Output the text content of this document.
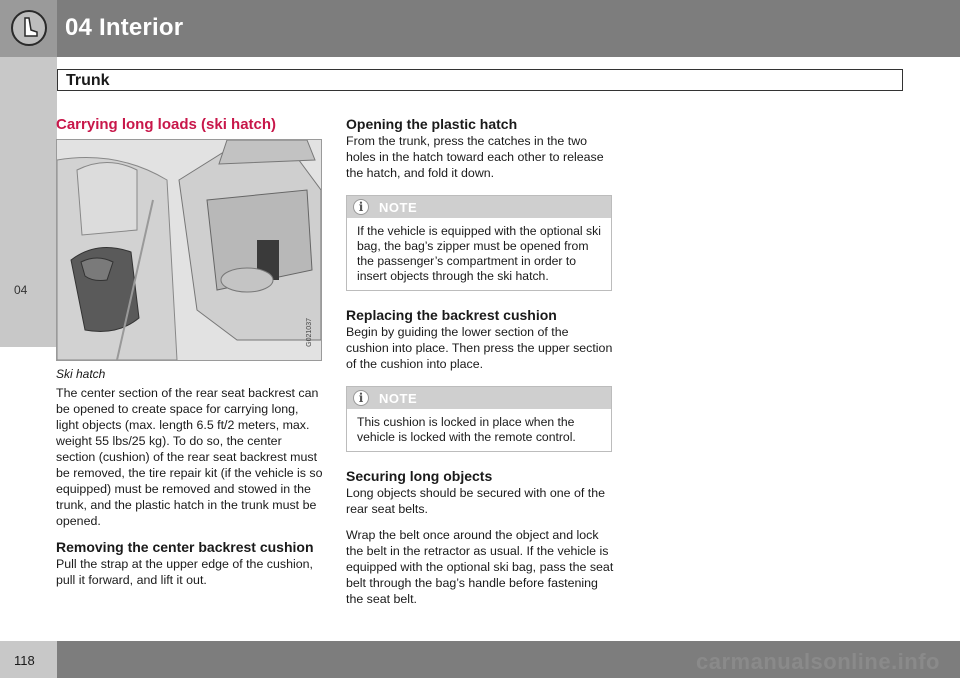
04 Interior
Trunk
04
Carrying long loads (ski hatch)
G021037
Ski hatch

The center section of the rear seat backrest can be opened to create space for carrying long, light objects (max. length 6.5 ft/2 meters, max. weight 55 lbs/25 kg). To do so, the center section (cushion) of the rear seat backrest must be removed, the tire repair kit (if the vehicle is so equipped) must be removed and stowed in the trunk, and the plastic hatch in the trunk must be opened.

Removing the center backrest cushion

Pull the strap at the upper edge of the cushion, pull it forward, and lift it out.

Opening the plastic hatch

From the trunk, press the catches in the two holes in the hatch toward each other to release the hatch, and fold it down.

i	NOTE

If the vehicle is equipped with the optional ski bag, the bag’s zipper must be opened from the passenger’s compartment in order to insert objects through the ski hatch.

Replacing the backrest cushion

Begin by guiding the lower section of the cushion into place. Then press the upper section of the cushion into place.

i	NOTE

This cushion is locked in place when the vehicle is locked with the remote control.

Securing long objects

Long objects should be secured with one of the rear seat belts.

Wrap the belt once around the object and lock the belt in the retractor as usual. If the vehicle is equipped with the optional ski bag, pass the seat belt through the bag’s handle before fastening the seat belt.

118	carmanualsonline.info
